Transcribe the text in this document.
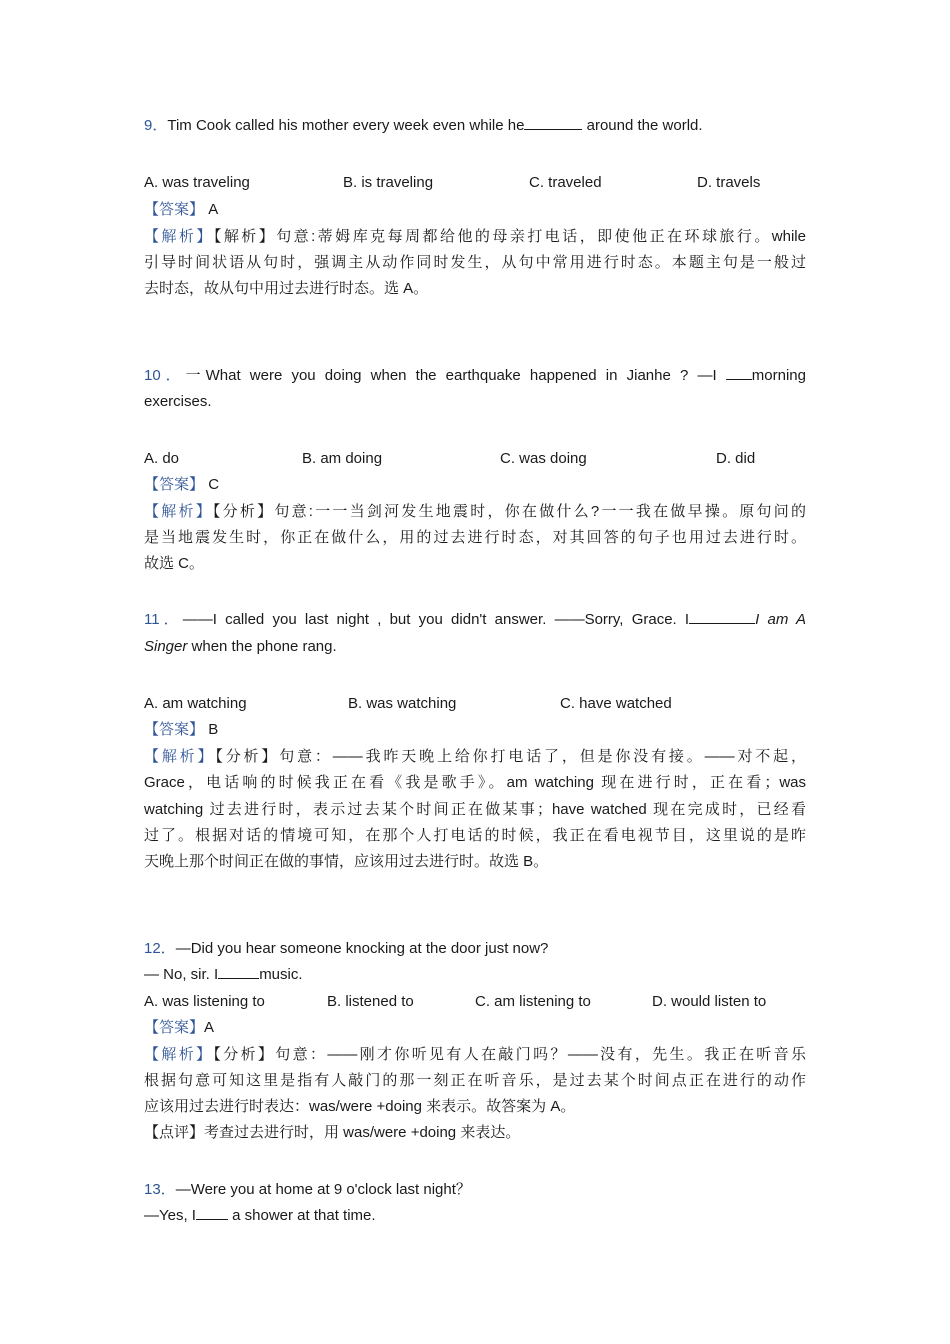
9．Tim Cook called his mother every week even while he	around the world.
A. was traveling	B. is traveling	C. traveled	D. travels
【答案】 A
【解析】【解析】句意:蒂姆库克每周都给他的母亲打电话，即使他正在环球旅行。while
引导时间状语从句时，强调主从动作同时发生，从句中常用进行时态。本题主句是一般过
去时态，故从句中用过去进行时态。选 A。
10．一What were you doing when the earthquake happened in Jianhe ? —I morning
exercises.
A. do	B. am doing	C. was doing	D. did
【答案】 C
【解析】【分析】句意:一一当剑河发生地震时，你在做什么?一一我在做早操。原句问的
是当地震发生时，你正在做什么，用的过去进行时态，对其回答的句子也用过去进行时。
故选 C。
11．——I called you last night , but you didn't answer. ——Sorry, Grace. I	I am A
Singer when the phone rang.
A. am watching	B. was watching	C. have watched
【答案】 B
【解析】【分析】句意：——我昨天晚上给你打电话了，但是你没有接。——对不起，
Grace，电话响的时候我正在看《我是歌手》。am watching 现在进行时，正在看；was
watching 过去进行时，表示过去某个时间正在做某事；have watched 现在完成时，已经看
过了。根据对话的情境可知，在那个人打电话的时候，我正在看电视节目，这里说的是昨
天晚上那个时间正在做的事情，应该用过去进行时。故选 B。
12．—Did you hear someone knocking at the door just now?
— No, sir. I	music.
A. was listening to	B. listened to	C. am listening to	D. would listen to
【答案】A
【解析】【分析】句意：——刚才你听见有人在敲门吗？——没有，先生。我正在听音乐
根据句意可知这里是指有人敲门的那一刻正在听音乐，是过去某个时间点正在进行的动作
应该用过去进行时表达：was/were +doing 来表示。故答案为 A。
【点评】考查过去进行时，用 was/were +doing 来表达。
13．—Were you at home at 9 o'clock last night？
—Yes, I a shower at that time.
